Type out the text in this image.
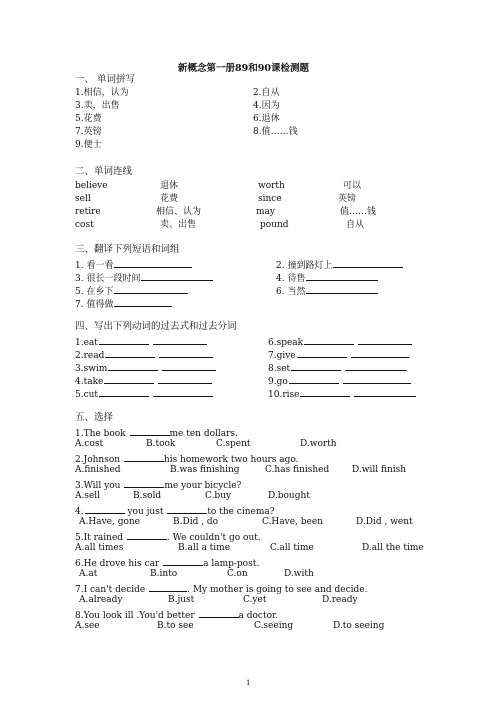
新概念第一册89和90课检测题
一、 单词拼写
1.相信，认为	2.自从
3.卖，出售	4.因为
5.花费	6.退休
7.英镑	8.值……钱
9.便士
二、单词连线
believe	退休	worth	可以
sell	花费	since	英镑
retire	相信、认为	may	值……钱
cost	卖、出售	pound	自从
三、翻译下列短语和词组
1. 看一看	2. 撞到路灯上
3. 很长一段时间	4. 待售
5. 在乡下	6. 当然
7. 值得做
四、写出下列动词的过去式和过去分词
1.eat	6.speak
2.read	7.give
3.swim	8.set
4.take	9.go
5.cut	10.rise
五、选择
1.The book	me ten dollars.
A.cost	B.took	C.spent	D.worth
2.Johnson	his homework two hours ago.
A.finished	B.was finishing	C.has finished	D.will finish
3.Will you	me your bicycle?
A.sell	B.sold	C.buy	D.bought
4.	you just	to the cinema?
A.Have, gone	B.Did , do	C.Have, been	D.Did , went
5.It rained	. We couldn't go out.
A.all times	B.all a time	C.all time	D.all the time
6.He drove his car	a lamp-post.
A.at	B.into	C.on	D.with
7.I can't decide	. My mother is going to see and decide.
A.already	B.just	C.yet	D.ready
8.You look ill .You'd better	a doctor.
A.see	B.to see	C.seeing	D.to seeing
1
